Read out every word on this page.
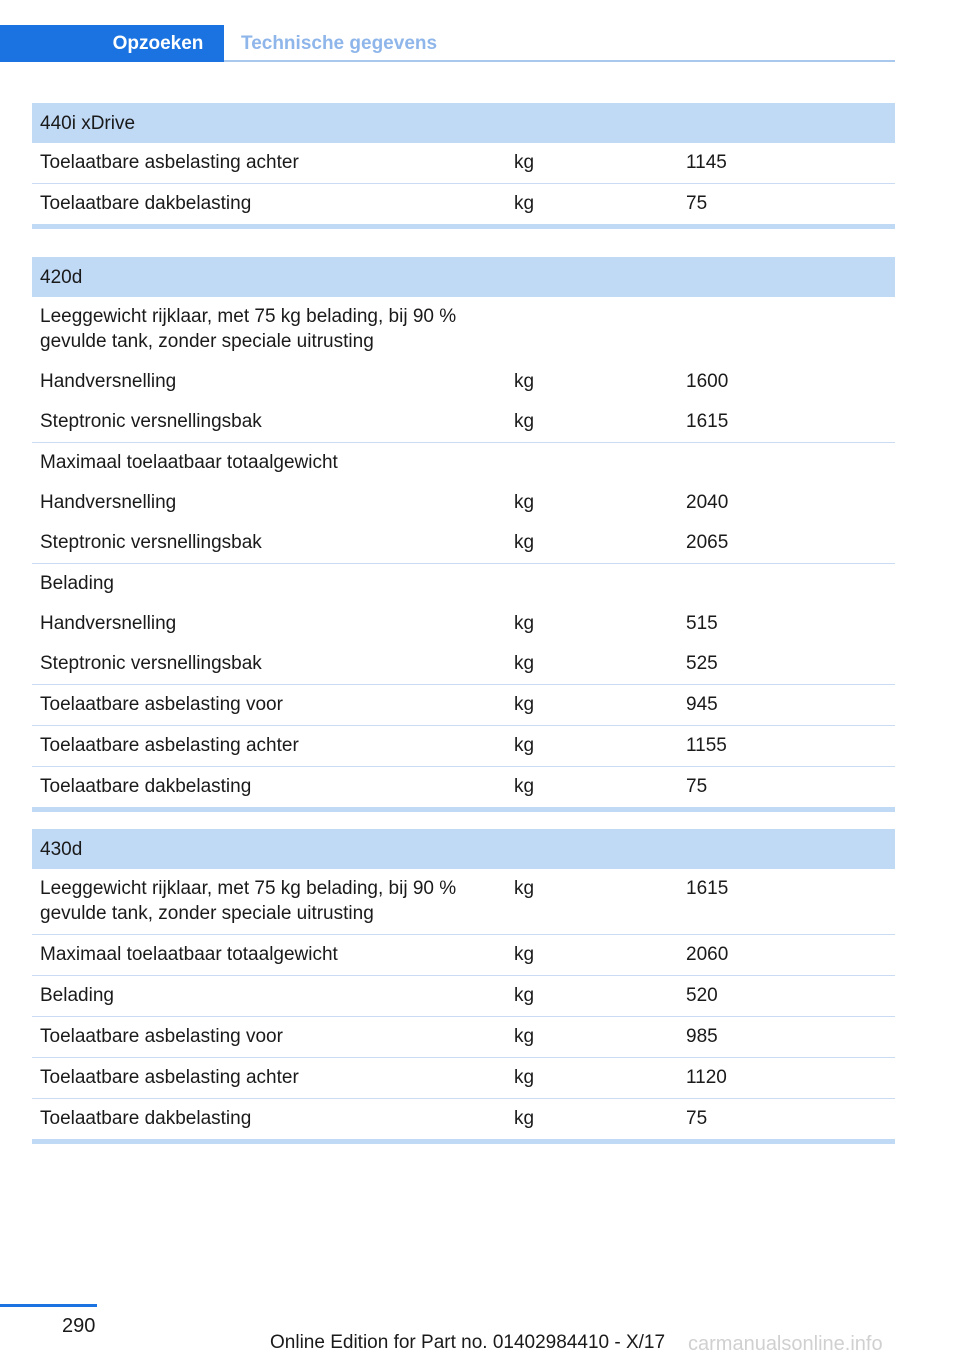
Opzoeken	Technische gegevens
440i xDrive		
Toelaatbare asbelasting achter	kg	1145
Toelaatbare dakbelasting	kg	75

420d		
Leeggewicht rijklaar, met 75 kg belading, bij 90 % gevulde tank, zonder speciale uitrusting		
Handversnelling	kg	1600
Steptronic versnellingsbak	kg	1615
Maximaal toelaatbaar totaalgewicht		
Handversnelling	kg	2040
Steptronic versnellingsbak	kg	2065
Belading		
Handversnelling	kg	515
Steptronic versnellingsbak	kg	525
Toelaatbare asbelasting voor	kg	945
Toelaatbare asbelasting achter	kg	1155
Toelaatbare dakbelasting	kg	75

430d		
Leeggewicht rijklaar, met 75 kg belading, bij 90 % gevulde tank, zonder speciale uitrusting	kg	1615
Maximaal toelaatbaar totaalgewicht	kg	2060
Belading	kg	520
Toelaatbare asbelasting voor	kg	985
Toelaatbare asbelasting achter	kg	1120
Toelaatbare dakbelasting	kg	75

290
Online Edition for Part no. 01402984410 - X/17 carmanualsonline.info
